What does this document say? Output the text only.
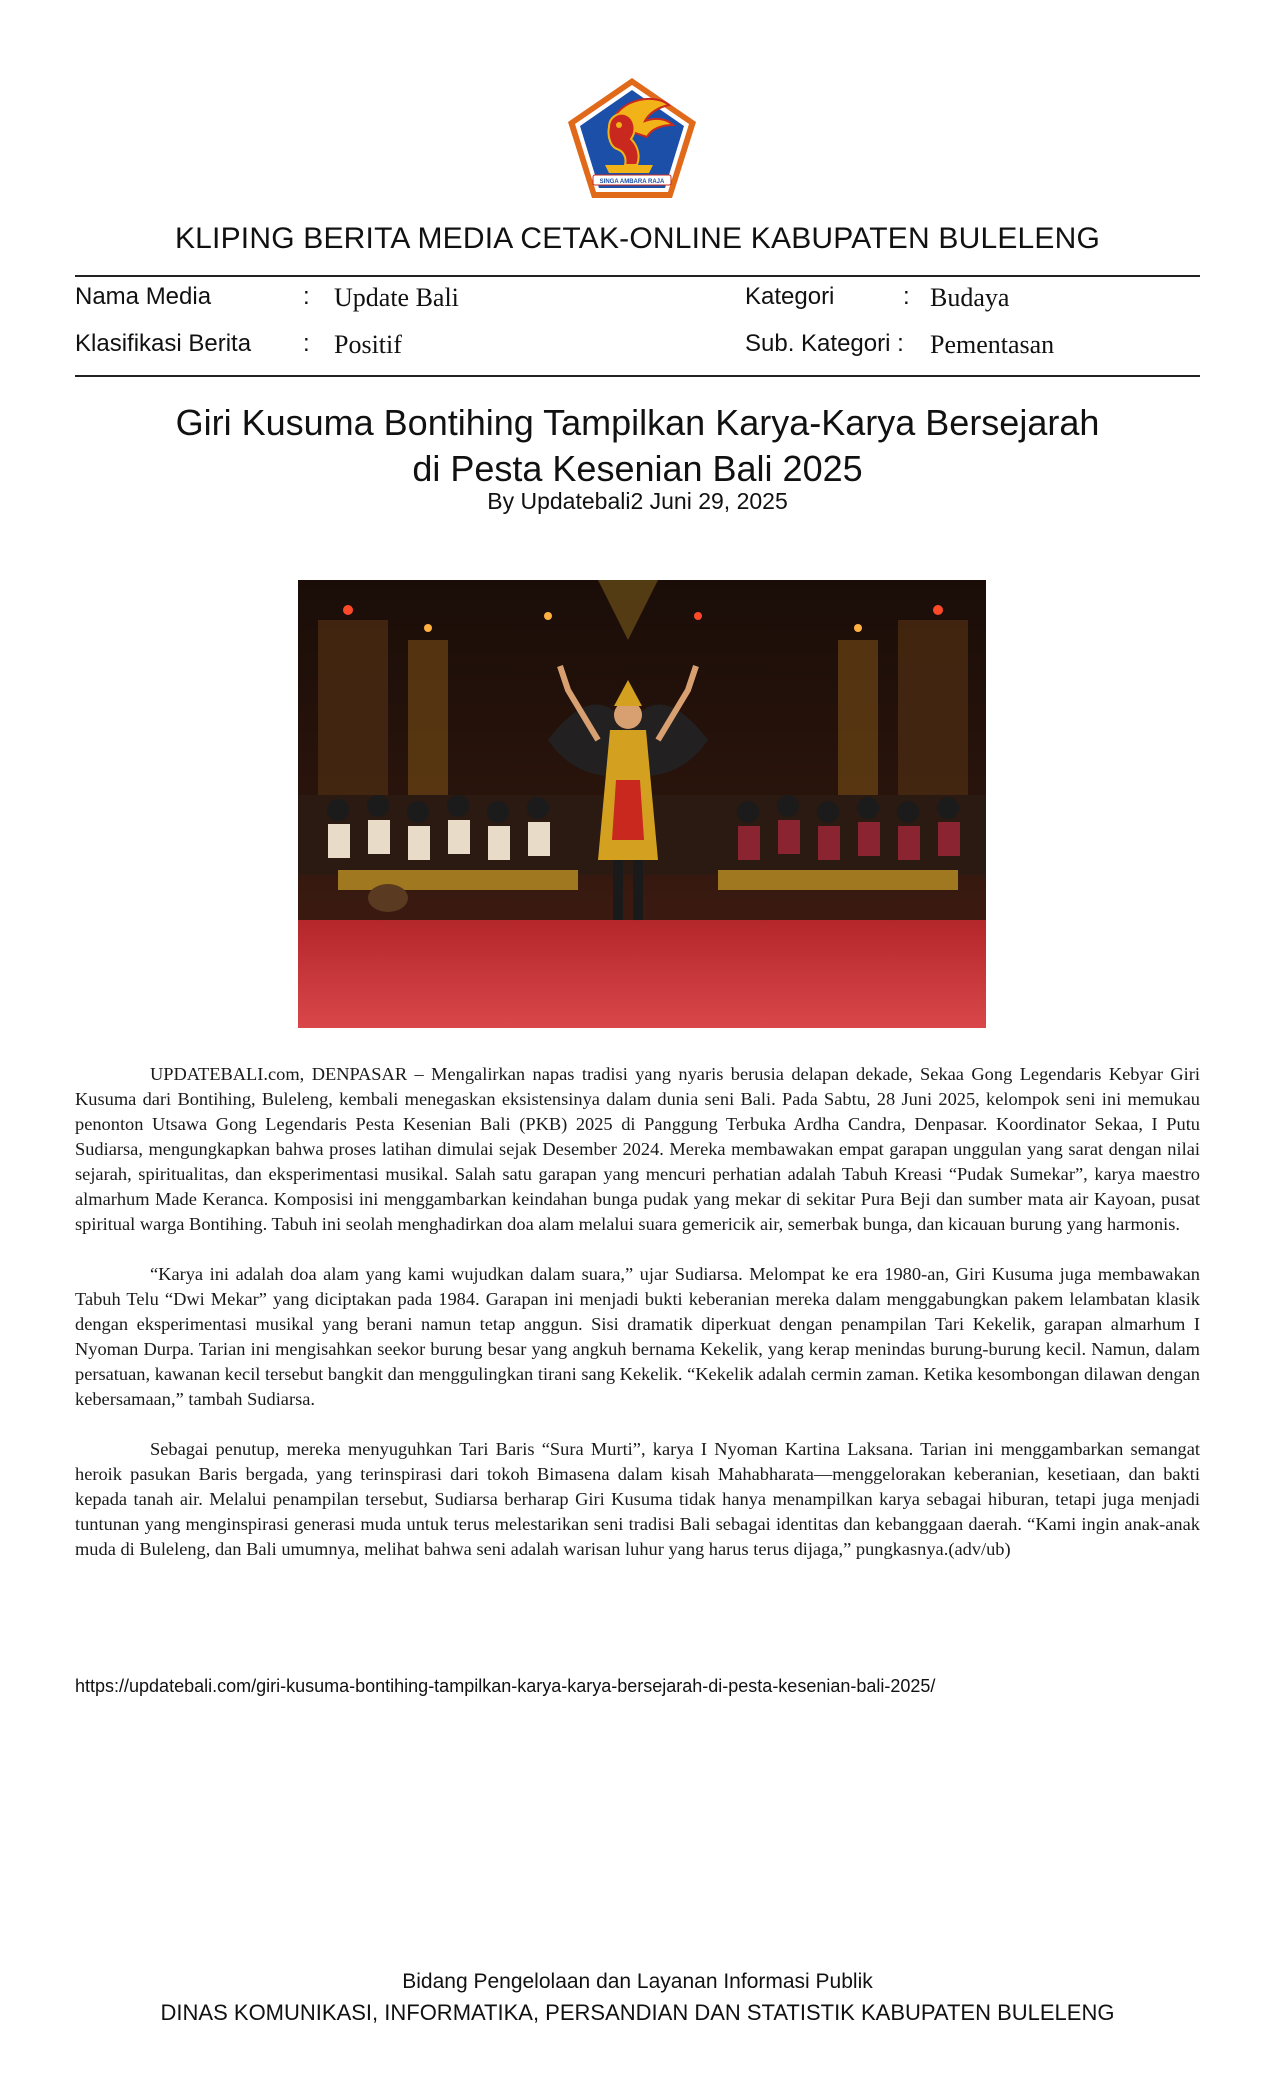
SINGA AMBARA RAJA
KLIPING BERITA MEDIA CETAK-ONLINE KABUPATEN BULELENG
Nama Media	: Update Bali	Kategori	: Budaya
Klasifikasi Berita : Positif	Sub. Kategori : Pementasan
Giri Kusuma Bontihing Tampilkan Karya-Karya Bersejarah
di Pesta Kesenian Bali 2025
By Updatebali2 Juni 29, 2025

UPDATEBALI.com, DENPASAR – Mengalirkan napas tradisi yang nyaris berusia delapan dekade, Sekaa Gong Legendaris Kebyar Giri Kusuma dari Bontihing, Buleleng, kembali menegaskan eksistensinya dalam dunia seni Bali. Pada Sabtu, 28 Juni 2025, kelompok seni ini memukau penonton Utsawa Gong Legendaris Pesta Kesenian Bali (PKB) 2025 di Panggung Terbuka Ardha Candra, Denpasar. Koordinator Sekaa, I Putu Sudiarsa, mengungkapkan bahwa proses latihan dimulai sejak Desember 2024. Mereka membawakan empat garapan unggulan yang sarat dengan nilai sejarah, spiritualitas, dan eksperimentasi musikal. Salah satu garapan yang mencuri perhatian adalah Tabuh Kreasi “Pudak Sumekar”, karya maestro almarhum Made Keranca. Komposisi ini menggambarkan keindahan bunga pudak yang mekar di sekitar Pura Beji dan sumber mata air Kayoan, pusat spiritual warga Bontihing. Tabuh ini seolah menghadirkan doa alam melalui suara gemericik air, semerbak bunga, dan kicauan burung yang harmonis.

“Karya ini adalah doa alam yang kami wujudkan dalam suara,” ujar Sudiarsa. Melompat ke era 1980-an, Giri Kusuma juga membawakan Tabuh Telu “Dwi Mekar” yang diciptakan pada 1984. Garapan ini menjadi bukti keberanian mereka dalam menggabungkan pakem lelambatan klasik dengan eksperimentasi musikal yang berani namun tetap anggun. Sisi dramatik diperkuat dengan penampilan Tari Kekelik, garapan almarhum I Nyoman Durpa. Tarian ini mengisahkan seekor burung besar yang angkuh bernama Kekelik, yang kerap menindas burung-burung kecil. Namun, dalam persatuan, kawanan kecil tersebut bangkit dan menggulingkan tirani sang Kekelik. “Kekelik adalah cermin zaman. Ketika kesombongan dilawan dengan kebersamaan,” tambah Sudiarsa.

Sebagai penutup, mereka menyuguhkan Tari Baris “Sura Murti”, karya I Nyoman Kartina Laksana. Tarian ini menggambarkan semangat heroik pasukan Baris bergada, yang terinspirasi dari tokoh Bimasena dalam kisah Mahabharata—menggelorakan keberanian, kesetiaan, dan bakti kepada tanah air. Melalui penampilan tersebut, Sudiarsa berharap Giri Kusuma tidak hanya menampilkan karya sebagai hiburan, tetapi juga menjadi tuntunan yang menginspirasi generasi muda untuk terus melestarikan seni tradisi Bali sebagai identitas dan kebanggaan daerah. “Kami ingin anak-anak muda di Buleleng, dan Bali umumnya, melihat bahwa seni adalah warisan luhur yang harus terus dijaga,” pungkasnya.(adv/ub)

https://updatebali.com/giri-kusuma-bontihing-tampilkan-karya-karya-bersejarah-di-pesta-kesenian-bali-2025/
Bidang Pengelolaan dan Layanan Informasi Publik
DINAS KOMUNIKASI, INFORMATIKA, PERSANDIAN DAN STATISTIK KABUPATEN BULELENG
